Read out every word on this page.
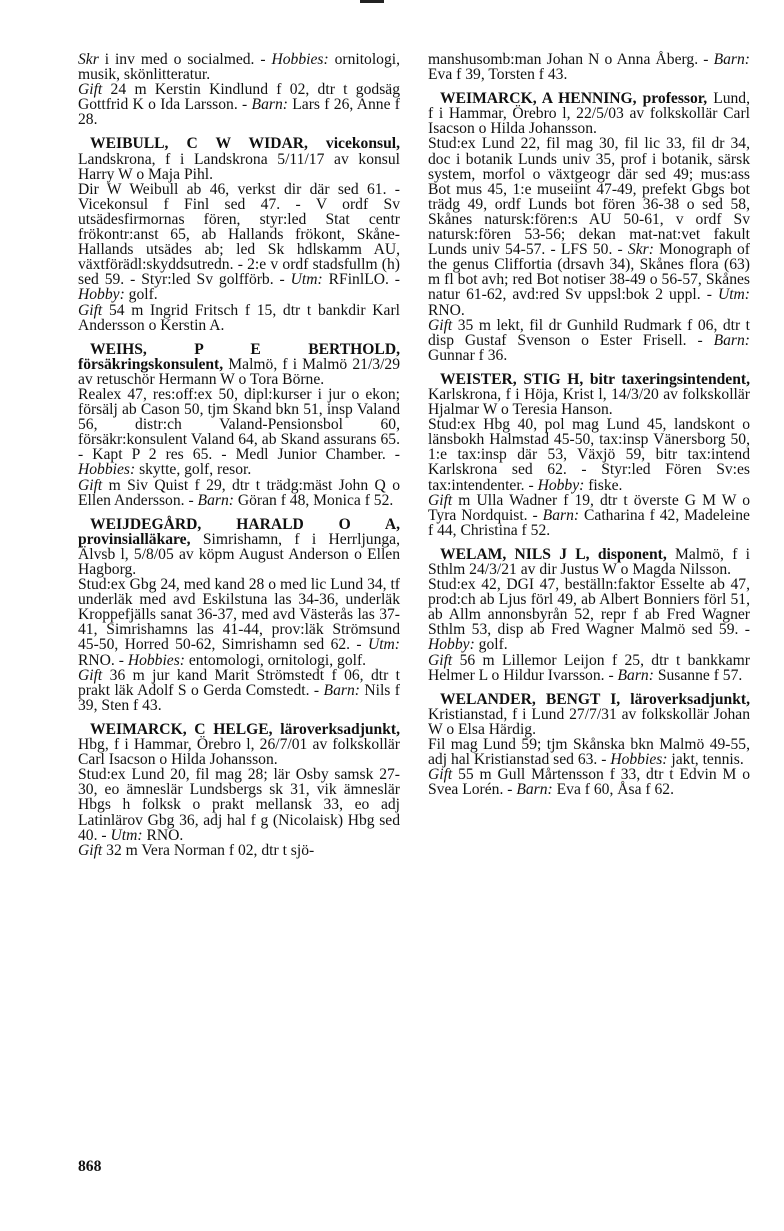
Skr i inv med o socialmed. - Hobbies: ornitologi, musik, skönlitteratur.

Gift 24 m Kerstin Kindlund f 02, dtr t godsäg Gottfrid K o Ida Larsson. - Barn: Lars f 26, Anne f 28.

WEIBULL, C W WIDAR, vicekonsul, Landskrona, f i Landskrona 5/11/17 av konsul Harry W o Maja Pihl.

Dir W Weibull ab 46, verkst dir där sed 61. - Vicekonsul f Finl sed 47. - V ordf Sv utsädesfirmornas fören, styr:led Stat centr frökontr:anst 65, ab Hallands frökont, Skåne-Hallands utsädes ab; led Sk hdlskamm AU, växtförädl:skyddsutredn. - 2:e v ordf stadsfullm (h) sed 59. - Styr:led Sv golfförb. - Utm: RFinlLO. - Hobby: golf.

Gift 54 m Ingrid Fritsch f 15, dtr t bankdir Karl Andersson o Kerstin A.

WEIHS, P E BERTHOLD, försäkringskonsulent, Malmö, f i Malmö 21/3/29 av retuschör Hermann W o Tora Börne.

Realex 47, res:off:ex 50, dipl:kurser i jur o ekon; försälj ab Cason 50, tjm Skand bkn 51, insp Valand 56, distr:ch Valand-Pensionsbol 60, försäkr:konsulent Valand 64, ab Skand assurans 65. - Kapt P 2 res 65. - Medl Junior Chamber. - Hobbies: skytte, golf, resor.

Gift m Siv Quist f 29, dtr t trädg:mäst John Q o Ellen Andersson. - Barn: Göran f 48, Monica f 52.

WEIJDEGÅRD, HARALD O A, provinsialläkare, Simrishamn, f i Herrljunga, Älvsb l, 5/8/05 av köpm August Anderson o Ellen Hagborg.

Stud:ex Gbg 24, med kand 28 o med lic Lund 34, tf underläk med avd Eskilstuna las 34-36, underläk Kroppefjälls sanat 36-37, med avd Västerås las 37-41, Simrishamns las 41-44, prov:läk Strömsund 45-50, Horred 50-62, Simrishamn sed 62. - Utm: RNO. - Hobbies: entomologi, ornitologi, golf.

Gift 36 m jur kand Marit Strömstedt f 06, dtr t prakt läk Adolf S o Gerda Comstedt. - Barn: Nils f 39, Sten f 43.

WEIMARCK, C HELGE, läroverksadjunkt, Hbg, f i Hammar, Örebro l, 26/7/01 av folkskollär Carl Isacson o Hilda Johansson.

Stud:ex Lund 20, fil mag 28; lär Osby samsk 27-30, eo ämneslär Lundsbergs sk 31, vik ämneslär Hbgs h folksk o prakt mellansk 33, eo adj Latinlärov Gbg 36, adj hal f g (Nicolaisk) Hbg sed 40. - Utm: RNO.

Gift 32 m Vera Norman f 02, dtr t sjö-

manshusomb:man Johan N o Anna Åberg. - Barn: Eva f 39, Torsten f 43.

WEIMARCK, A HENNING, professor, Lund, f i Hammar, Örebro l, 22/5/03 av folkskollär Carl Isacson o Hilda Johansson.

Stud:ex Lund 22, fil mag 30, fil lic 33, fil dr 34, doc i botanik Lunds univ 35, prof i botanik, särsk system, morfol o växtgeogr där sed 49; mus:ass Bot mus 45, 1:e museiint 47-49, prefekt Gbgs bot trädg 49, ordf Lunds bot fören 36-38 o sed 58, Skånes natursk:fören:s AU 50-61, v ordf Sv natursk:fören 53-56; dekan mat-nat:vet fakult Lunds univ 54-57. - LFS 50. - Skr: Monograph of the genus Cliffortia (drsavh 34), Skånes flora (63) m fl bot avh; red Bot notiser 38-49 o 56-57, Skånes natur 61-62, avd:red Sv uppsl:bok 2 uppl. - Utm: RNO.

Gift 35 m lekt, fil dr Gunhild Rudmark f 06, dtr t disp Gustaf Svenson o Ester Frisell. - Barn: Gunnar f 36.

WEISTER, STIG H, bitr taxeringsintendent, Karlskrona, f i Höja, Krist l, 14/3/20 av folkskollär Hjalmar W o Teresia Hanson.

Stud:ex Hbg 40, pol mag Lund 45, landskont o länsbokh Halmstad 45-50, tax:insp Vänersborg 50, 1:e tax:insp där 53, Växjö 59, bitr tax:intend Karlskrona sed 62. - Styr:led Fören Sv:es tax:intendenter. - Hobby: fiske.

Gift m Ulla Wadner f 19, dtr t överste G M W o Tyra Nordquist. - Barn: Catharina f 42, Madeleine f 44, Christina f 52.

WELAM, NILS J L, disponent, Malmö, f i Sthlm 24/3/21 av dir Justus W o Magda Nilsson.

Stud:ex 42, DGI 47, beställn:faktor Esselte ab 47, prod:ch ab Ljus förl 49, ab Albert Bonniers förl 51, ab Allm annonsbyrån 52, repr f ab Fred Wagner Sthlm 53, disp ab Fred Wagner Malmö sed 59. - Hobby: golf.

Gift 56 m Lillemor Leijon f 25, dtr t bankkamr Helmer L o Hildur Ivarsson. - Barn: Susanne f 57.

WELANDER, BENGT I, läroverksadjunkt, Kristianstad, f i Lund 27/7/31 av folkskollär Johan W o Elsa Härdig.

Fil mag Lund 59; tjm Skånska bkn Malmö 49-55, adj hal Kristianstad sed 63. - Hobbies: jakt, tennis.

Gift 55 m Gull Mårtensson f 33, dtr t Edvin M o Svea Lorén. - Barn: Eva f 60, Åsa f 62.

868
